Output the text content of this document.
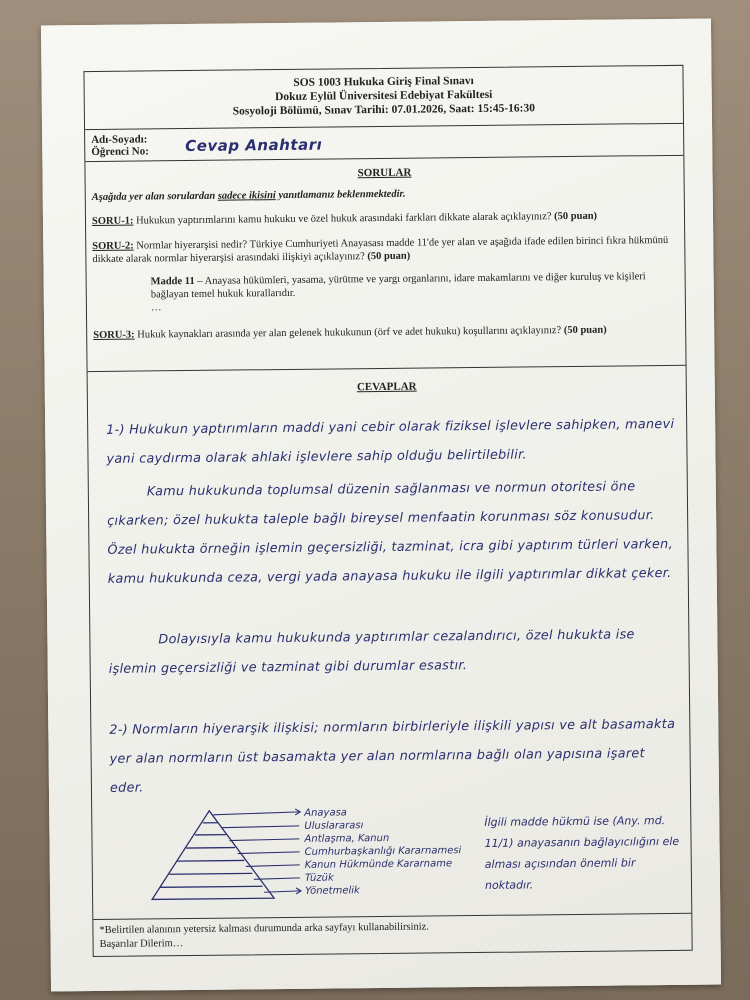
SOS 1003 Hukuka Giriş Final Sınavı
Dokuz Eylül Üniversitesi Edebiyat Fakültesi
Sosyoloji Bölümü, Sınav Tarihi: 07.01.2026, Saat: 15:45-16:30
Adı-Soyadı:
Öğrenci No:	Cevap Anahtarı
SORULAR
Aşağıda yer alan sorulardan sadece ikisini yanıtlamanız beklenmektedir.
SORU-1: Hukukun yaptırımlarını kamu hukuku ve özel hukuk arasındaki farkları dikkate alarak açıklayınız? (50 puan)
SORU-2: Normlar hiyerarşisi nedir? Türkiye Cumhuriyeti Anayasası madde 11'de yer alan ve aşağıda ifade edilen birinci fıkra hükmünü dikkate alarak normlar hiyerarşisi arasındaki ilişkiyi açıklayınız? (50 puan)
Madde 11 – Anayasa hükümleri, yasama, yürütme ve yargı organlarını, idare makamlarını ve diğer kuruluş ve kişileri bağlayan temel hukuk kurallarıdır.
…
SORU-3: Hukuk kaynakları arasında yer alan gelenek hukukunun (örf ve adet hukuku) koşullarını açıklayınız? (50 puan)
CEVAPLAR
1-) Hukukun yaptırımların maddi yani cebir olarak fiziksel işlevlere sahipken, manevi yani caydırma olarak ahlaki işlevlere sahip olduğu belirtilebilir.
Kamu hukukunda toplumsal düzenin sağlanması ve normun otoritesi öne çıkarken; özel hukukta taleple bağlı bireysel menfaatin korunması söz konusudur. Özel hukukta örneğin işlemin geçersizliği, tazminat, icra gibi yaptırım türleri varken, kamu hukukunda ceza, vergi yada anayasa hukuku ile ilgili yaptırımlar dikkat çeker.
Dolayısıyla kamu hukukunda yaptırımlar cezalandırıcı, özel hukukta ise işlemin geçersizliği ve tazminat gibi durumlar esastır.
2-) Normların hiyerarşik ilişkisi; normların birbirleriyle ilişkili yapısı ve alt basamakta yer alan normların üst basamakta yer alan normlarına bağlı olan yapısına işaret eder.
Anayasa
Uluslararası
Antlaşma, Kanun
Cumhurbaşkanlığı Kararnamesi
Kanun Hükmünde Kararname
Tüzük
Yönetmelik
İlgili madde hükmü ise (Any. md. 11/1) anayasanın bağlayıcılığını ele alması açısından önemli bir noktadır.
*Belirtilen alanının yetersiz kalması durumunda arka sayfayı kullanabilirsiniz.
Başarılar Dilerim…
